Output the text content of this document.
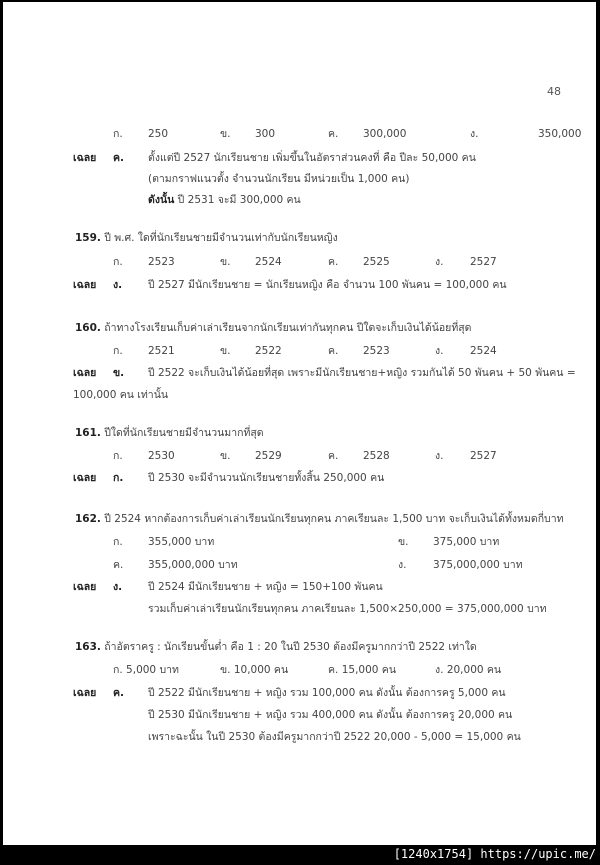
48
ก. 250	ข. 300	ค. 300,000	ง.	350,000
เฉลย ค. ตั้งแต่ปี 2527 นักเรียนชาย เพิ่มขึ้นในอัตราส่วนคงที่ คือ ปีละ 50,000 คน
(ตามกราฟแนวตั้ง จำนวนนักเรียน มีหน่วยเป็น 1,000 คน)
ดังนั้น ปี 2531 จะมี 300,000 คน
159. ปี พ.ศ. ใดที่นักเรียนชายมีจำนวนเท่ากับนักเรียนหญิง
ก. 2523	ข. 2524	ค. 2525	ง.	2527
เฉลย ง. ปี 2527 มีนักเรียนชาย = นักเรียนหญิง คือ จำนวน 100 พันคน = 100,000 คน
160. ถ้าทางโรงเรียนเก็บค่าเล่าเรียนจากนักเรียนเท่ากันทุกคน ปีใดจะเก็บเงินได้น้อยที่สุด
ก. 2521	ข. 2522	ค. 2523	ง.	2524
เฉลย ข. ปี 2522 จะเก็บเงินได้น้อยที่สุด เพราะมีนักเรียนชาย+หญิง รวมกันได้ 50 พันคน + 50 พันคน =
100,000 คน เท่านั้น
161. ปีใดที่นักเรียนชายมีจำนวนมากที่สุด
ก. 2530	ข. 2529	ค. 2528	ง.	2527
เฉลย ก. ปี 2530 จะมีจำนวนนักเรียนชายทั้งสิ้น 250,000 คน
162. ปี 2524 หากต้องการเก็บค่าเล่าเรียนนักเรียนทุกคน ภาคเรียนละ 1,500 บาท จะเก็บเงินได้ทั้งหมดกี่บาท
ก. 355,000 บาท	ข. 375,000 บาท
ค. 355,000,000 บาท	ง.	375,000,000 บาท
เฉลย ง. ปี 2524 มีนักเรียนชาย + หญิง = 150+100 พันคน
รวมเก็บค่าเล่าเรียนนักเรียนทุกคน ภาคเรียนละ 1,500×250,000 = 375,000,000 บาท
163. ถ้าอัตราครู : นักเรียนขั้นต่ำ คือ 1 : 20 ในปี 2530 ต้องมีครูมากกว่าปี 2522 เท่าใด
ก. 5,000 บาท	ข. 10,000 คน	ค. 15,000 คน	ง. 20,000 คน
เฉลย ค. ปี 2522 มีนักเรียนชาย + หญิง รวม 100,000 คน ดังนั้น ต้องการครู 5,000 คน
ปี 2530 มีนักเรียนชาย + หญิง รวม 400,000 คน ดังนั้น ต้องการครู 20,000 คน
เพราะฉะนั้น ในปี 2530 ต้องมีครูมากกว่าปี 2522 20,000 - 5,000 = 15,000 คน
[1240x1754] https://upic.me/
